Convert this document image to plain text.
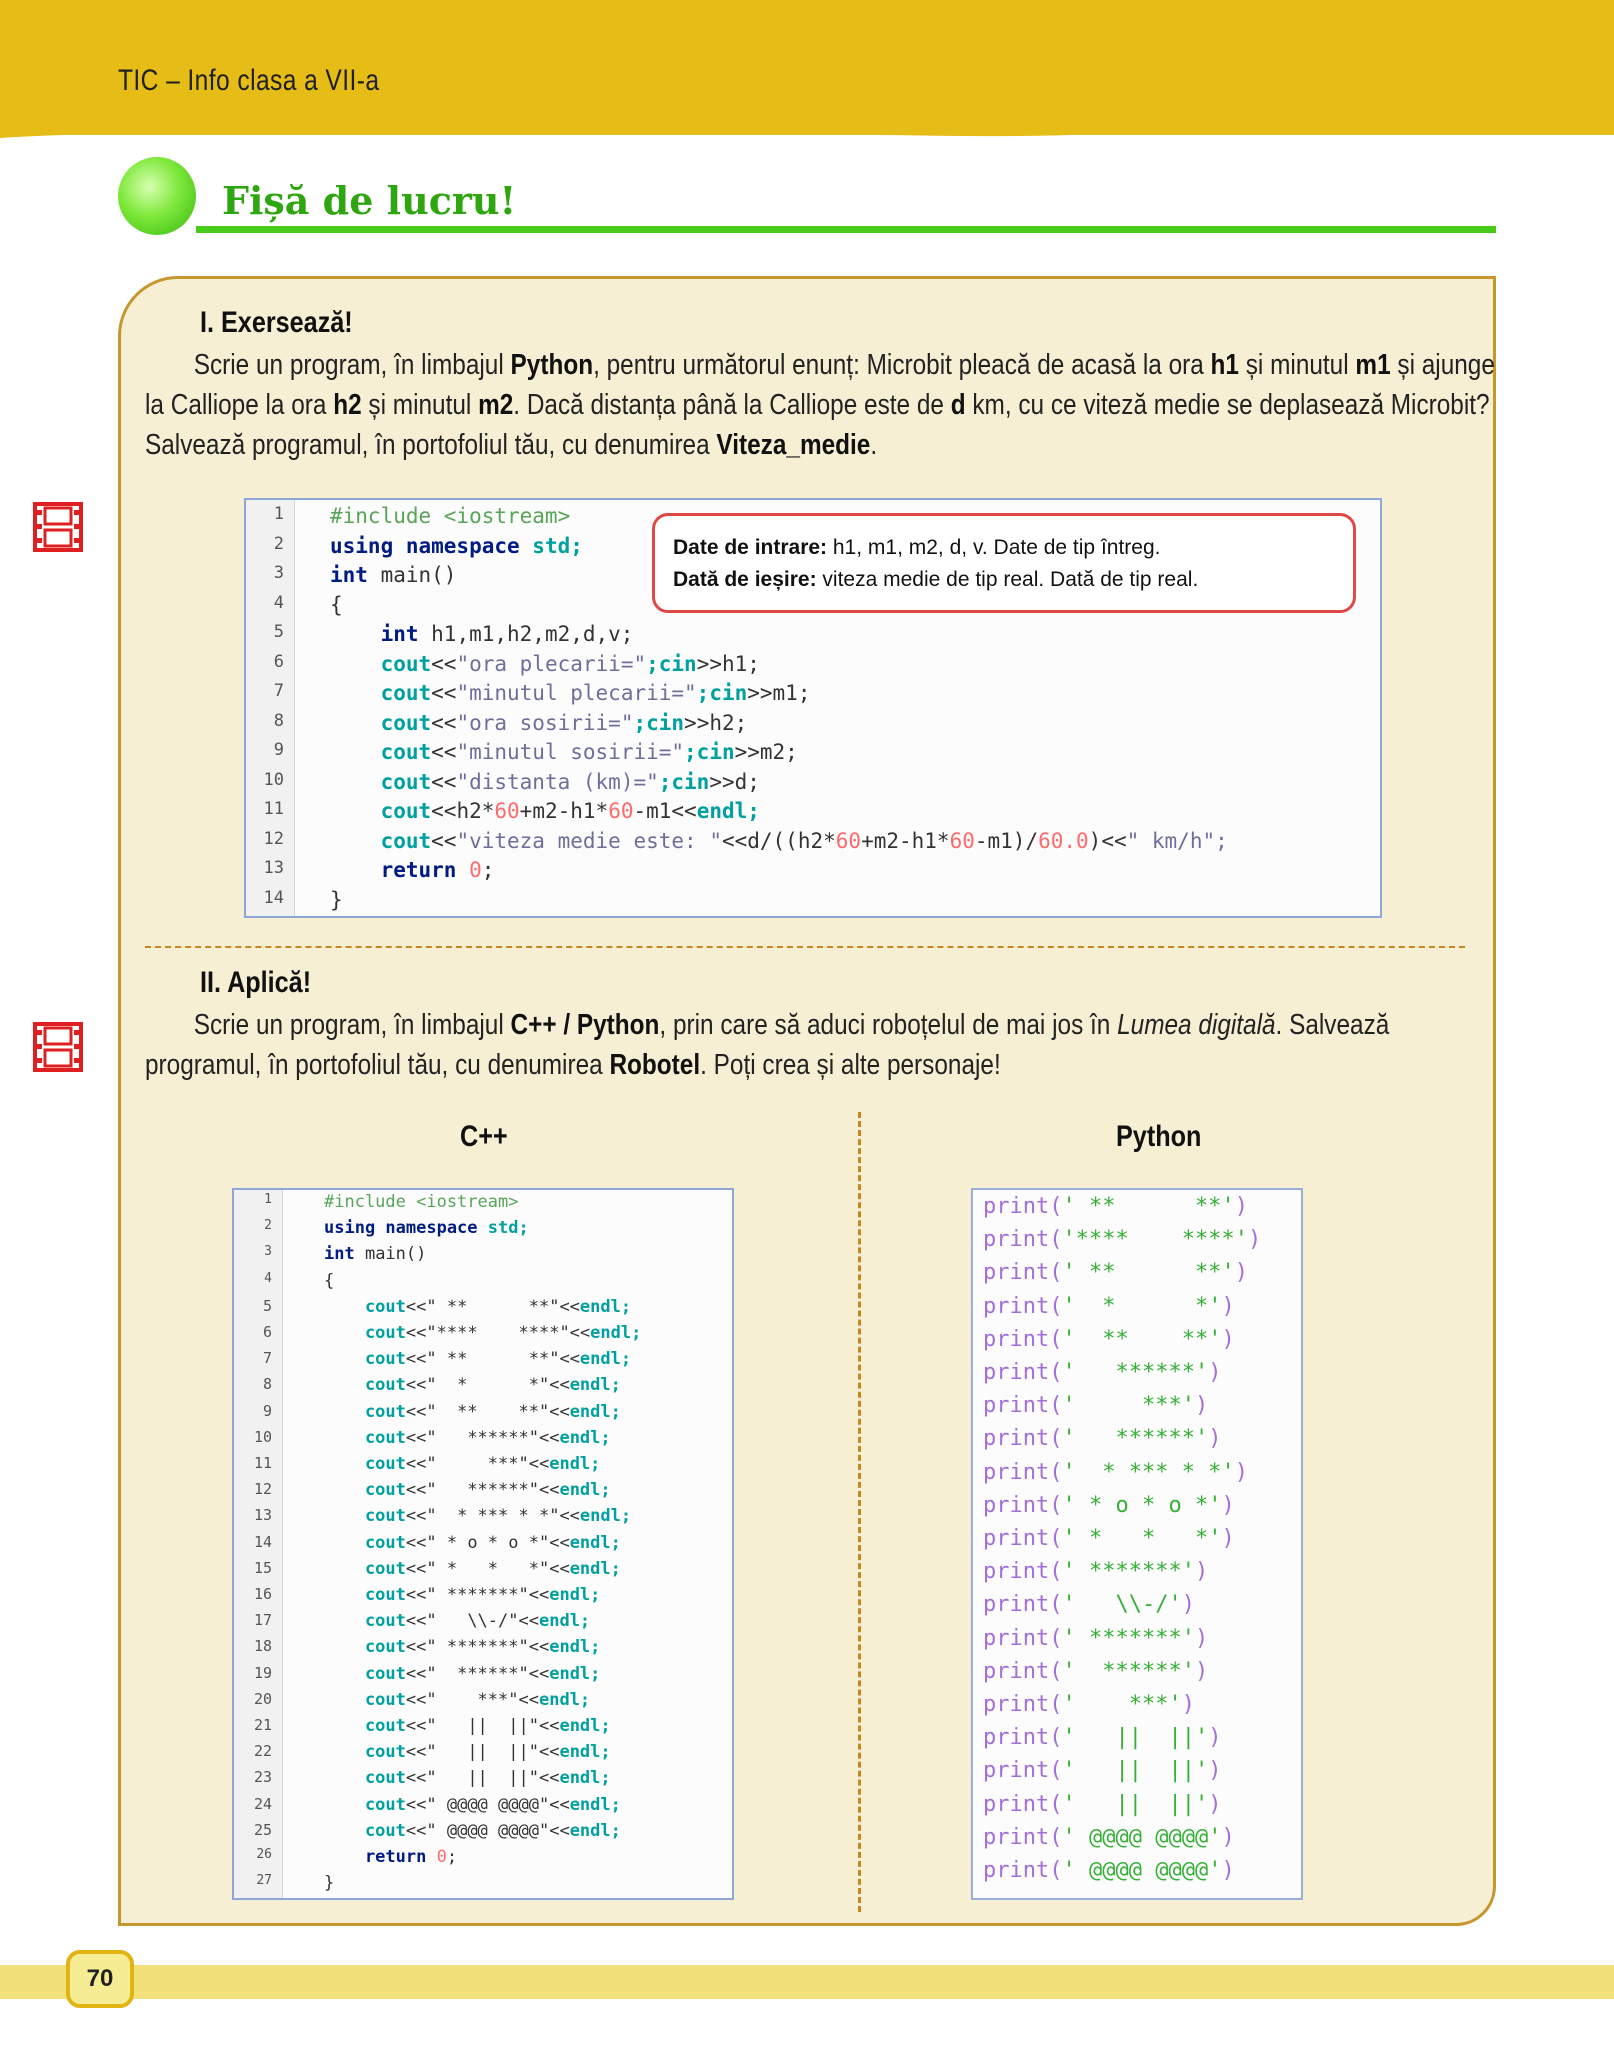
TIC – Info clasa a VII-a
Fișă de lucru!
I. Exersează!
Scrie un program, în limbajul Python, pentru următorul enunț: Microbit pleacă de acasă la ora h1 și minutul m1 și ajunge la Calliope la ora h2 și minutul m2. Dacă distanța până la Calliope este de d km, cu ce viteză medie se deplasează Microbit? Salvează programul, în portofoliul tău, cu denumirea Viteza_medie.
1 #include <iostream>
2 using namespace std;
3 int main()
4 {
5 int h1,m1,h2,m2,d,v;
6 cout<<"ora plecarii=";cin>>h1;
7 cout<<"minutul plecarii=";cin>>m1;
8 cout<<"ora sosirii=";cin>>h2;
9 cout<<"minutul sosirii=";cin>>m2;
10 cout<<"distanta (km)=";cin>>d;
11 cout<<h2*60+m2-h1*60-m1<<endl;
12 cout<<"viteza medie este: "<<d/((h2*60+m2-h1*60-m1)/60.0)<<" km/h";
13 return 0;
14 }
Date de intrare: h1, m1, m2, d, v. Date de tip întreg.
Dată de ieșire: viteza medie de tip real. Dată de tip real.
II. Aplică!
Scrie un program, în limbajul C++ / Python, prin care să aduci roboțelul de mai jos în Lumea digitală. Salvează programul, în portofoliul tău, cu denumirea Robotel. Poți crea și alte personaje!
C++	Python
1	#include <iostream>
2	using namespace std;
3	int main()
4	{
5	cout<<" **      **"<<endl;
6	cout<<"****    ****"<<endl;
7	cout<<" **      **"<<endl;
8	cout<<"  *      *"<<endl;
9	cout<<"  **    **"<<endl;
10	cout<<"   ******"<<endl;
11	cout<<"     ***"<<endl;
12	cout<<"   ******"<<endl;
13	cout<<"  * *** * *"<<endl;
14	cout<<" * o * o *"<<endl;
15	cout<<" *   *   *"<<endl;
16	cout<<" *******"<<endl;
17	cout<<"   \\-/"<<endl;
18	cout<<" *******"<<endl;
19	cout<<"  ******"<<endl;
20	cout<<"    ***"<<endl;
21	cout<<"   ||  ||"<<endl;
22	cout<<"   ||  ||"<<endl;
23	cout<<"   ||  ||"<<endl;
24	cout<<" @@@@ @@@@"<<endl;
25	cout<<" @@@@ @@@@"<<endl;
26	return 0;
27	}
print(' **      **')
print('****    ****')
print(' **      **')
print('  *      *')
print('  **    **')
print('   ******')
print('     ***')
print('   ******')
print('  * *** * *')
print(' * o * o *')
print(' *   *   *')
print(' *******')
print('   \\-/')
print(' *******')
print('  ******')
print('    ***')
print('   ||  ||')
print('   ||  ||')
print('   ||  ||')
print(' @@@@ @@@@')
print(' @@@@ @@@@')
70
